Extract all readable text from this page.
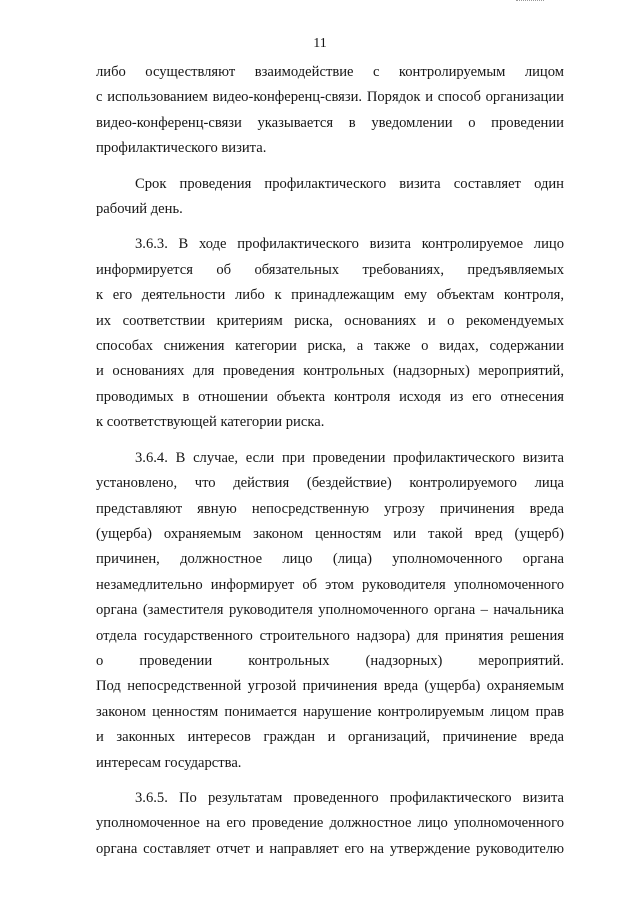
11
либо осуществляют взаимодействие с контролируемым лицом
с использованием видео-конференц-связи. Порядок и способ организации
видео-конференц-связи указывается в уведомлении о проведении
профилактического визита.
Срок проведения профилактического визита составляет один
рабочий день.
3.6.3. В ходе профилактического визита контролируемое лицо
информируется об обязательных требованиях, предъявляемых
к его деятельности либо к принадлежащим ему объектам контроля,
их соответствии критериям риска, основаниях и о рекомендуемых
способах снижения категории риска, а также о видах, содержании
и основаниях для проведения контрольных (надзорных) мероприятий,
проводимых в отношении объекта контроля исходя из его отнесения
к соответствующей категории риска.
3.6.4. В случае, если при проведении профилактического визита
установлено, что действия (бездействие) контролируемого лица
представляют явную непосредственную угрозу причинения вреда
(ущерба) охраняемым законом ценностям или такой вред (ущерб)
причинен, должностное лицо (лица) уполномоченного органа
незамедлительно информирует об этом руководителя уполномоченного
органа (заместителя руководителя уполномоченного органа – начальника
отдела государственного строительного надзора) для принятия решения
о проведении контрольных (надзорных) мероприятий.
Под непосредственной угрозой причинения вреда (ущерба) охраняемым
законом ценностям понимается нарушение контролируемым лицом прав
и законных интересов граждан и организаций, причинение вреда
интересам государства.
3.6.5. По результатам проведенного профилактического визита
уполномоченное на его проведение должностное лицо уполномоченного
органа составляет отчет и направляет его на утверждение руководителю
